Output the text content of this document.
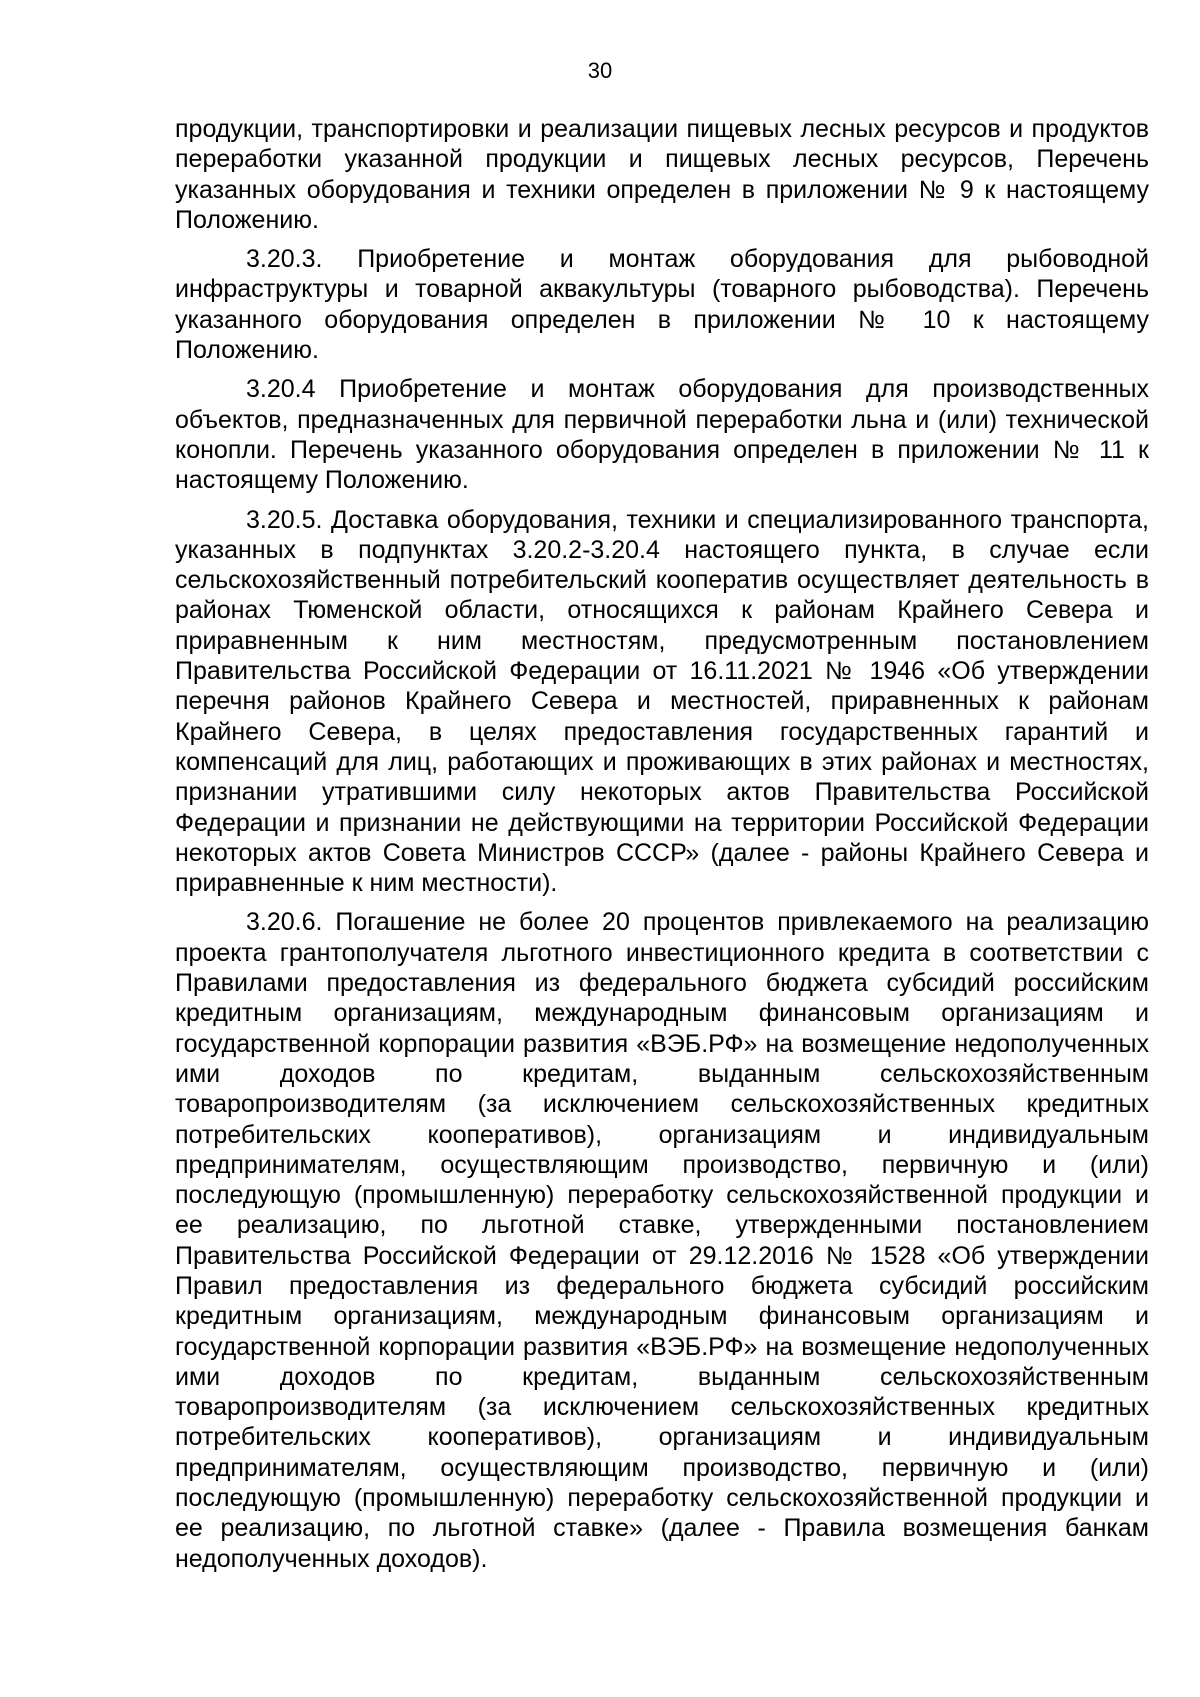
30

продукции, транспортировки и реализации пищевых лесных ресурсов и продуктов переработки указанной продукции и пищевых лесных ресурсов, Перечень указанных оборудования и техники определен в приложении № 9 к настоящему Положению.

3.20.3. Приобретение и монтаж оборудования для рыбоводной инфраструктуры и товарной аквакультуры (товарного рыбоводства). Перечень указанного оборудования определен в приложении № 10 к настоящему Положению.

3.20.4 Приобретение и монтаж оборудования для производственных объектов, предназначенных для первичной переработки льна и (или) технической конопли. Перечень указанного оборудования определен в приложении № 11 к настоящему Положению.

3.20.5. Доставка оборудования, техники и специализированного транспорта, указанных в подпунктах 3.20.2-3.20.4 настоящего пункта, в случае если сельскохозяйственный потребительский кооператив осуществляет деятельность в районах Тюменской области, относящихся к районам Крайнего Севера и приравненным к ним местностям, предусмотренным постановлением Правительства Российской Федерации от 16.11.2021 № 1946 «Об утверждении перечня районов Крайнего Севера и местностей, приравненных к районам Крайнего Севера, в целях предоставления государственных гарантий и компенсаций для лиц, работающих и проживающих в этих районах и местностях, признании утратившими силу некоторых актов Правительства Российской Федерации и признании не действующими на территории Российской Федерации некоторых актов Совета Министров СССР» (далее - районы Крайнего Севера и приравненные к ним местности).

3.20.6. Погашение не более 20 процентов привлекаемого на реализацию проекта грантополучателя льготного инвестиционного кредита в соответствии с Правилами предоставления из федерального бюджета субсидий российским кредитным организациям, международным финансовым организациям и государственной корпорации развития «ВЭБ.РФ» на возмещение недополученных ими доходов по кредитам, выданным сельскохозяйственным товаропроизводителям (за исключением сельскохозяйственных кредитных потребительских кооперативов), организациям и индивидуальным предпринимателям, осуществляющим производство, первичную и (или) последующую (промышленную) переработку сельскохозяйственной продукции и ее реализацию, по льготной ставке, утвержденными постановлением Правительства Российской Федерации от 29.12.2016 № 1528 «Об утверждении Правил предоставления из федерального бюджета субсидий российским кредитным организациям, международным финансовым организациям и государственной корпорации развития «ВЭБ.РФ» на возмещение недополученных ими доходов по кредитам, выданным сельскохозяйственным товаропроизводителям (за исключением сельскохозяйственных кредитных потребительских кооперативов), организациям и индивидуальным предпринимателям, осуществляющим производство, первичную и (или) последующую (промышленную) переработку сельскохозяйственной продукции и ее реализацию, по льготной ставке» (далее - Правила возмещения банкам недополученных доходов).
